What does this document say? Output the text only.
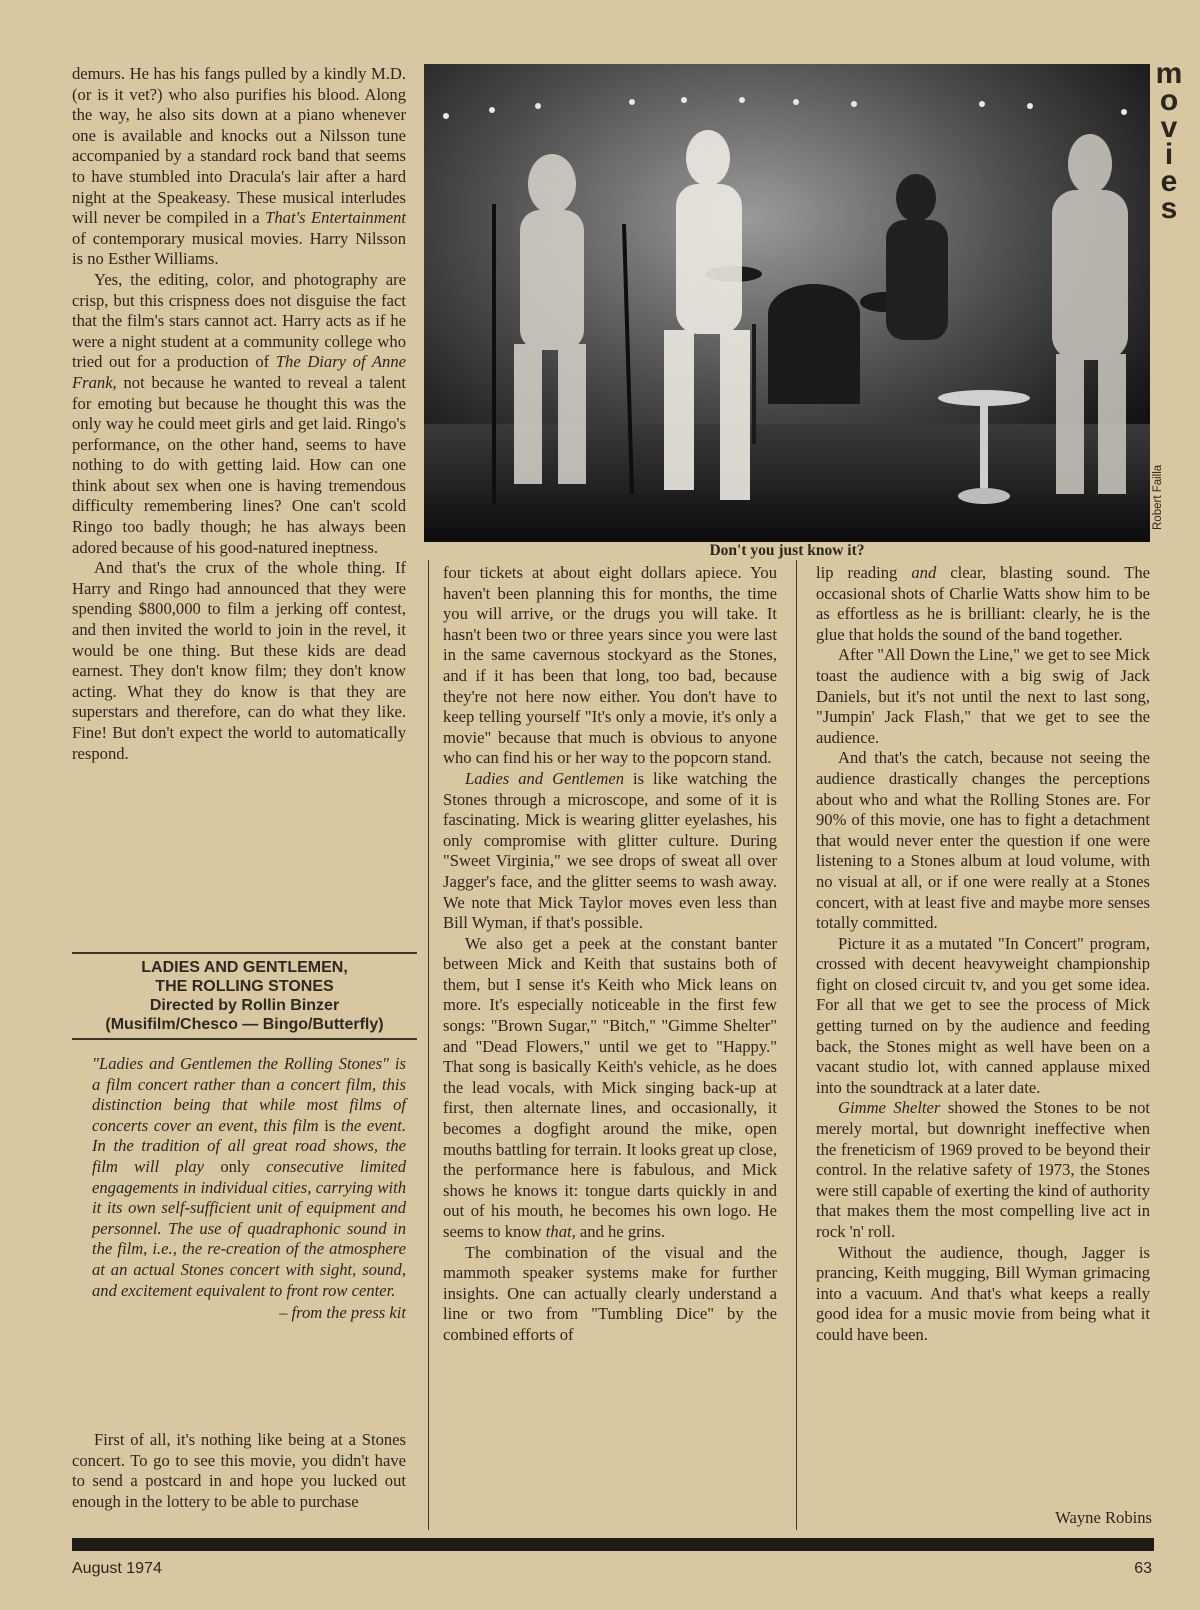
demurs. He has his fangs pulled by a kindly M.D. (or is it vet?) who also purifies his blood. Along the way, he also sits down at a piano whenever one is available and knocks out a Nilsson tune accompanied by a standard rock band that seems to have stumbled into Dracula's lair after a hard night at the Speakeasy. These musical interludes will never be compiled in a That's Entertainment of contemporary musical movies. Harry Nilsson is no Esther Williams.

Yes, the editing, color, and photography are crisp, but this crispness does not disguise the fact that the film's stars cannot act. Harry acts as if he were a night student at a community college who tried out for a production of The Diary of Anne Frank, not because he wanted to reveal a talent for emoting but because he thought this was the only way he could meet girls and get laid. Ringo's performance, on the other hand, seems to have nothing to do with getting laid. How can one think about sex when one is having tremendous difficulty remembering lines? One can't scold Ringo too badly though; he has always been adored because of his good-natured ineptness.

And that's the crux of the whole thing. If Harry and Ringo had announced that they were spending $800,000 to film a jerking off contest, and then invited the world to join in the revel, it would be one thing. But these kids are dead earnest. They don't know film; they don't know acting. What they do know is that they are superstars and therefore, can do what they like. Fine! But don't expect the world to automatically respond.

LADIES AND GENTLEMEN,
THE ROLLING STONES
Directed by Rollin Binzer
(Musifilm/Chesco — Bingo/Butterfly)
"Ladies and Gentlemen the Rolling Stones" is a film concert rather than a concert film, this distinction being that while most films of concerts cover an event, this film is the event. In the tradition of all great road shows, the film will play only consecutive limited engagements in individual cities, carrying with it its own self-sufficient unit of equipment and personnel. The use of quadraphonic sound in the film, i.e., the re-creation of the atmosphere at an actual Stones concert with sight, sound, and excitement equivalent to front row center.
– from the press kit

First of all, it's nothing like being at a Stones concert. To go to see this movie, you didn't have to send a postcard in and hope you lucked out enough in the lottery to be able to purchase

Don't you just know it?
Robert Failla
m
o
v
i
e
s

four tickets at about eight dollars apiece. You haven't been planning this for months, the time you will arrive, or the drugs you will take. It hasn't been two or three years since you were last in the same cavernous stockyard as the Stones, and if it has been that long, too bad, because they're not here now either. You don't have to keep telling yourself "It's only a movie, it's only a movie" because that much is obvious to anyone who can find his or her way to the popcorn stand.

Ladies and Gentlemen is like watching the Stones through a microscope, and some of it is fascinating. Mick is wearing glitter eyelashes, his only compromise with glitter culture. During "Sweet Virginia," we see drops of sweat all over Jagger's face, and the glitter seems to wash away. We note that Mick Taylor moves even less than Bill Wyman, if that's possible.

We also get a peek at the constant banter between Mick and Keith that sustains both of them, but I sense it's Keith who Mick leans on more. It's especially noticeable in the first few songs: "Brown Sugar," "Bitch," "Gimme Shelter" and "Dead Flowers," until we get to "Happy." That song is basically Keith's vehicle, as he does the lead vocals, with Mick singing back-up at first, then alternate lines, and occasionally, it becomes a dogfight around the mike, open mouths battling for terrain. It looks great up close, the performance here is fabulous, and Mick shows he knows it: tongue darts quickly in and out of his mouth, he becomes his own logo. He seems to know that, and he grins.

The combination of the visual and the mammoth speaker systems make for further insights. One can actually clearly understand a line or two from "Tumbling Dice" by the combined efforts of

lip reading and clear, blasting sound. The occasional shots of Charlie Watts show him to be as effortless as he is brilliant: clearly, he is the glue that holds the sound of the band together.

After "All Down the Line," we get to see Mick toast the audience with a big swig of Jack Daniels, but it's not until the next to last song, "Jumpin' Jack Flash," that we get to see the audience.

And that's the catch, because not seeing the audience drastically changes the perceptions about who and what the Rolling Stones are. For 90% of this movie, one has to fight a detachment that would never enter the question if one were listening to a Stones album at loud volume, with no visual at all, or if one were really at a Stones concert, with at least five and maybe more senses totally committed.

Picture it as a mutated "In Concert" program, crossed with decent heavyweight championship fight on closed circuit tv, and you get some idea. For all that we get to see the process of Mick getting turned on by the audience and feeding back, the Stones might as well have been on a vacant studio lot, with canned applause mixed into the soundtrack at a later date.

Gimme Shelter showed the Stones to be not merely mortal, but downright ineffective when the freneticism of 1969 proved to be beyond their control. In the relative safety of 1973, the Stones were still capable of exerting the kind of authority that makes them the most compelling live act in rock 'n' roll.

Without the audience, though, Jagger is prancing, Keith mugging, Bill Wyman grimacing into a vacuum. And that's what keeps a really good idea for a music movie from being what it could have been.

Wayne Robins
August 1974	63
